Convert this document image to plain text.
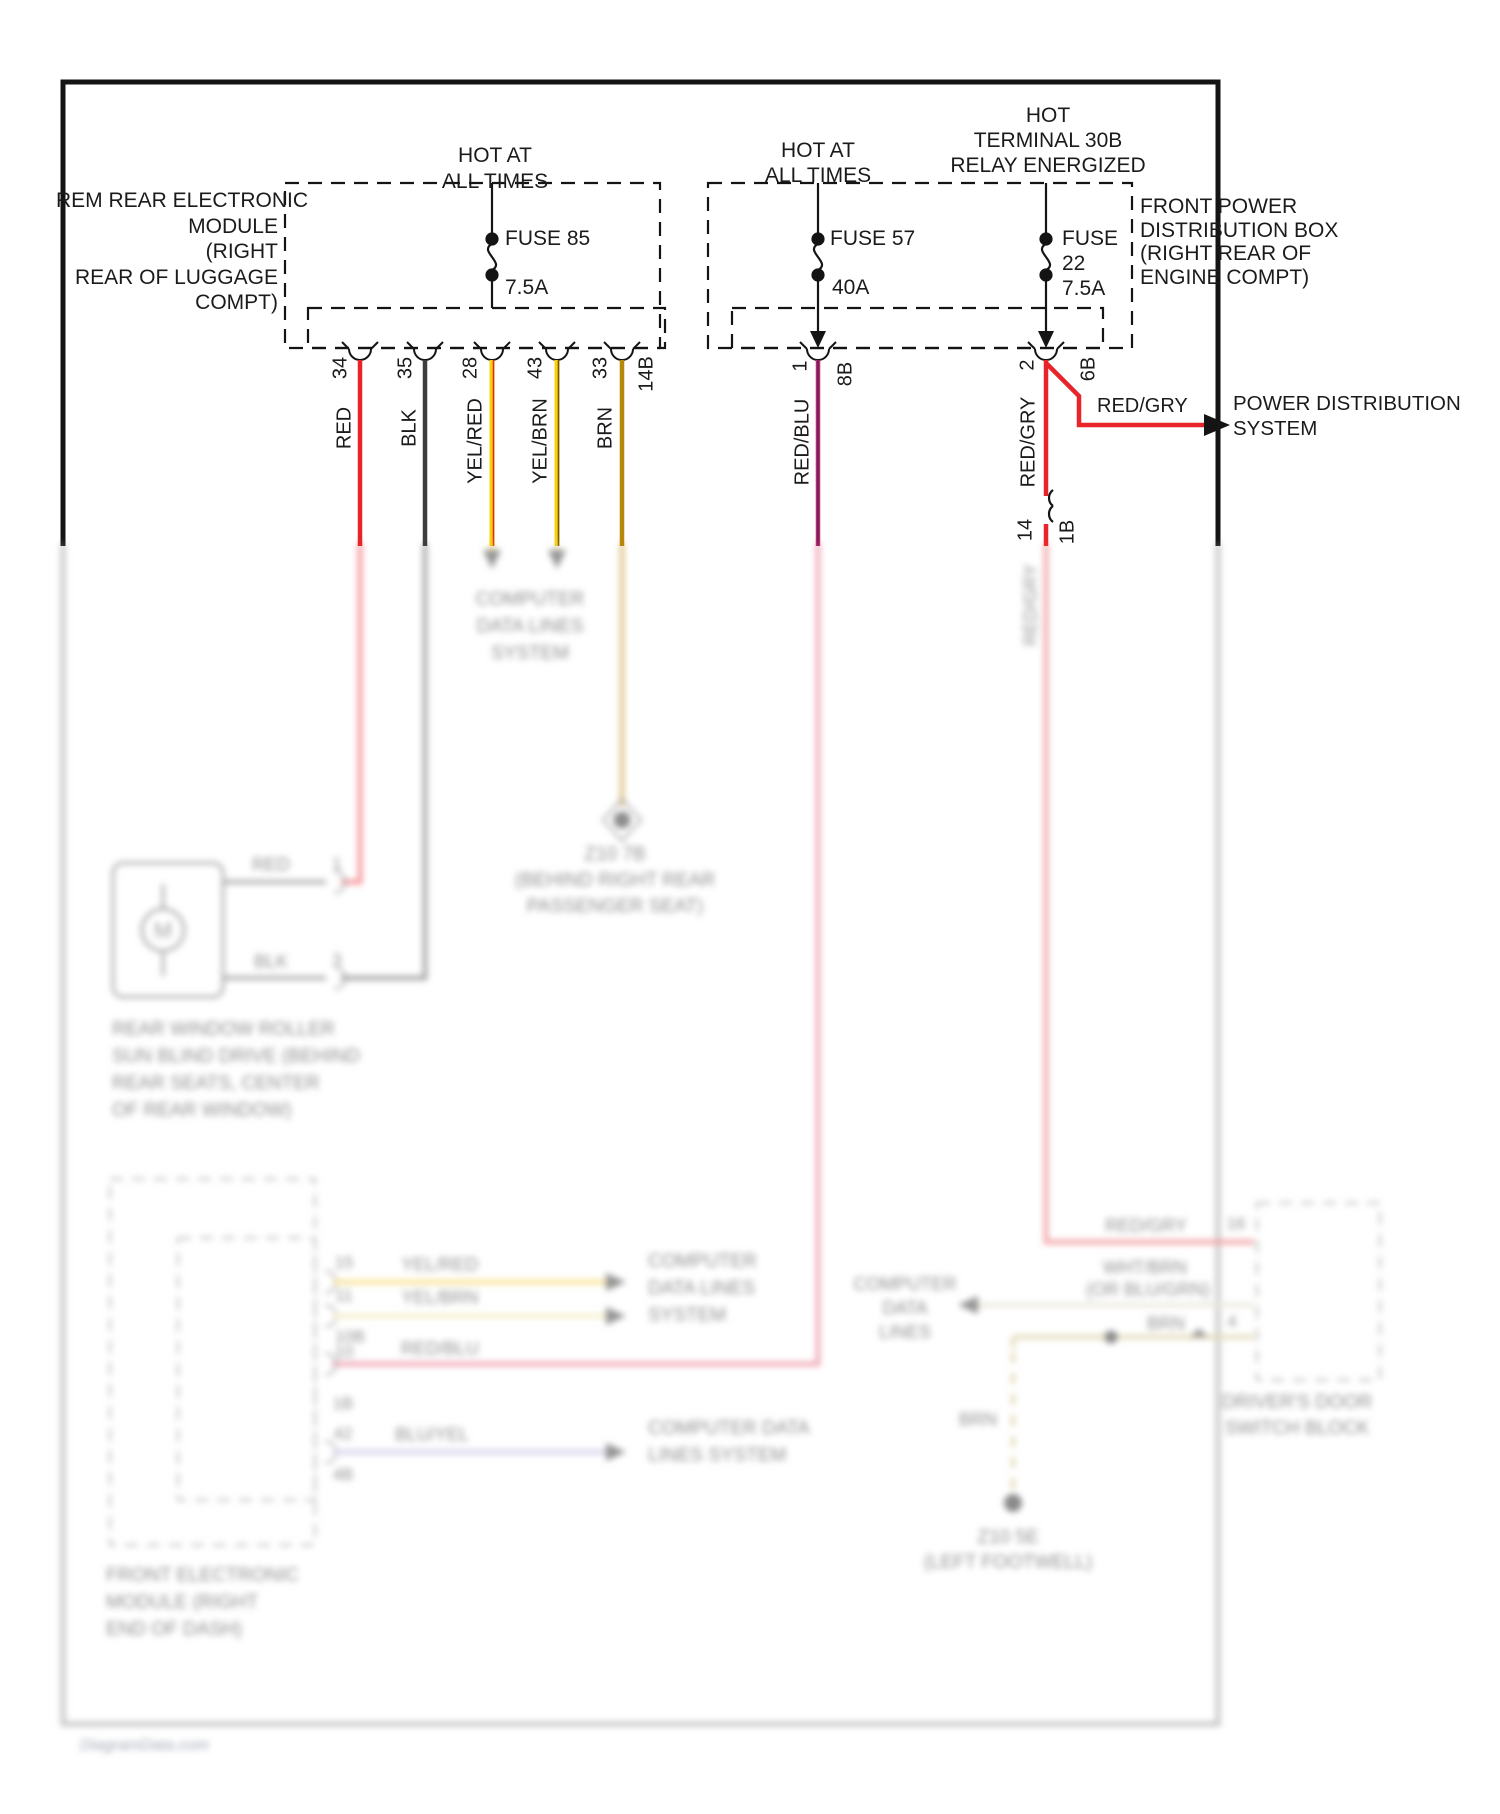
REM REAR ELECTRONIC
MODULE
(RIGHT
REAR OF LUGGAGE
COMPT)
HOT AT
ALL TIMES
FUSE 85
7.5A
HOT AT
ALL TIMES
FUSE 57
40A
HOT
TERMINAL 30B
RELAY ENERGIZED
FUSE
22
7.5A
FRONT POWER
DISTRIBUTION BOX
(RIGHT REAR OF
ENGINE COMPT)
34 35 28 43 33 14B	1 8B	2 6B
RED BLK YEL/RED YEL/BRN BRN	RED/BLU	RED/GRY	RED/GRY POWER DISTRIBUTION
SYSTEM
14 1B
1
RED
3
BLK
M
REAR WINDOW ROLLER
SUN BLIND DRIVE (BEHIND
REAR SEATS, CENTER
OF REAR WINDOW)
COMPUTER
DATA LINES
SYSTEM
Z10 7B
(BEHIND RIGHT REAR
PASSENGER SEAT)
RED/GRY
15
11
10B
10
1B
42
4B
YEL/RED
YEL/BRN
RED/BLU
BLU/YEL
COMPUTER
DATA LINES
SYSTEM
COMPUTER DATA
LINES SYSTEM
FRONT ELECTRONIC
MODULE (RIGHT
END OF DASH)
RED/GRY 16
WHT/BRN
(OR BLU/GRN)
COMPUTER
DATA
LINES	BRN 4
BRN
Z10 5E
(LEFT FOOTWELL)
DRIVER'S DOOR
SWITCH BLOCK
DiagramData.com
